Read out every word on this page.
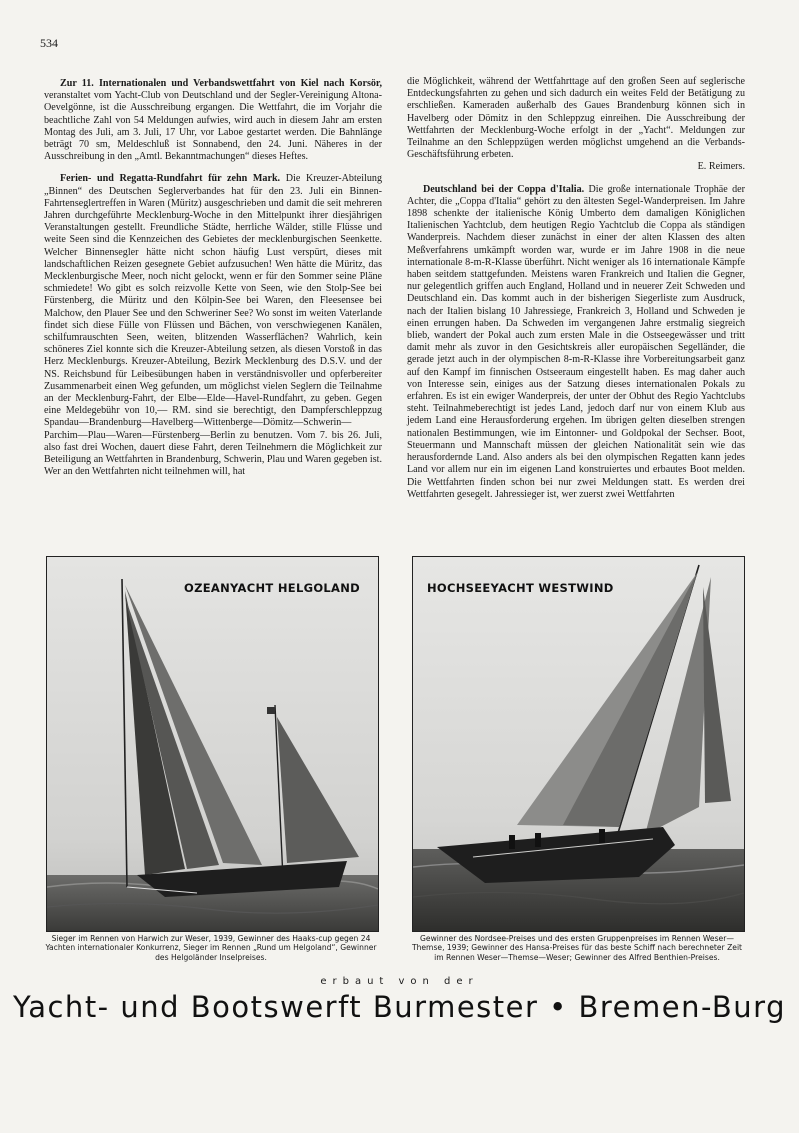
534

Zur 11. Internationalen und Verbandswettfahrt von Kiel nach Korsör, veranstaltet vom Yacht-Club von Deutschland und der Segler-Vereinigung Altona-Oevelgönne, ist die Ausschreibung ergangen. Die Wettfahrt, die im Vorjahr die beachtliche Zahl von 54 Meldungen aufwies, wird auch in diesem Jahr am ersten Montag des Juli, am 3. Juli, 17 Uhr, vor Laboe gestartet werden. Die Bahnlänge beträgt 70 sm, Meldeschluß ist Sonnabend, den 24. Juni. Näheres in der Ausschreibung in den „Amtl. Bekanntmachungen“ dieses Heftes.

Ferien- und Regatta-Rundfahrt für zehn Mark. Die Kreuzer-Abteilung „Binnen“ des Deutschen Seglerverbandes hat für den 23. Juli ein Binnen-Fahrtenseglertreffen in Waren (Müritz) ausgeschrieben und damit die seit mehreren Jahren durchgeführte Mecklenburg-Woche in den Mittelpunkt ihrer diesjährigen Veranstaltungen gestellt. Freundliche Städte, herrliche Wälder, stille Flüsse und weite Seen sind die Kennzeichen des Gebietes der mecklenburgischen Seenkette. Welcher Binnensegler hätte nicht schon häufig Lust verspürt, dieses mit landschaftlichen Reizen gesegnete Gebiet aufzusuchen! Wen hätte die Müritz, das Mecklenburgische Meer, noch nicht gelockt, wenn er für den Sommer seine Pläne schmiedete! Wo gibt es solch reizvolle Kette von Seen, wie den Stolp-See bei Fürstenberg, die Müritz und den Kölpin-See bei Waren, den Fleesensee bei Malchow, den Plauer See und den Schweriner See? Wo sonst im weiten Vaterlande findet sich diese Fülle von Flüssen und Bächen, von verschwiegenen Kanälen, schilfumrauschten Seen, weiten, blitzenden Wasserflächen? Wahrlich, kein schöneres Ziel konnte sich die Kreuzer-Abteilung setzen, als diesen Vorstoß in das Herz Mecklenburgs. Kreuzer-Abteilung, Bezirk Mecklenburg des D.S.V. und der NS. Reichsbund für Leibesübungen haben in verständnisvoller und opferbereiter Zusammenarbeit einen Weg gefunden, um möglichst vielen Seglern die Teilnahme an der Mecklenburg-Fahrt, der Elbe—Elde—Havel-Rundfahrt, zu geben. Gegen eine Meldegebühr von 10,— RM. sind sie berechtigt, den Dampferschleppzug Spandau—Brandenburg—Havelberg—Wittenberge—Dömitz—Schwerin—Parchim—Plau—Waren—Fürstenberg—Berlin zu benutzen. Vom 7. bis 26. Juli, also fast drei Wochen, dauert diese Fahrt, deren Teilnehmern die Möglichkeit zur Beteiligung an Wettfahrten in Brandenburg, Schwerin, Plau und Waren gegeben ist. Wer an den Wettfahrten nicht teilnehmen will, hat

die Möglichkeit, während der Wettfahrttage auf den großen Seen auf seglerische Entdeckungsfahrten zu gehen und sich dadurch ein weites Feld der Betätigung zu erschließen. Kameraden außerhalb des Gaues Brandenburg können sich in Havelberg oder Dömitz in den Schleppzug einreihen. Die Ausschreibung der Wettfahrten der Mecklenburg-Woche erfolgt in der „Yacht“. Meldungen zur Teilnahme an den Schleppzügen werden möglichst umgehend an die Verbands-Geschäftsführung erbeten.
E. Reimers.

Deutschland bei der Coppa d'Italia. Die große internationale Trophäe der Achter, die „Coppa d'Italia“ gehört zu den ältesten Segel-Wanderpreisen. Im Jahre 1898 schenkte der italienische König Umberto dem damaligen Königlichen Italienischen Yachtclub, dem heutigen Regio Yachtclub die Coppa als ständigen Wanderpreis. Nachdem dieser zunächst in einer der alten Klassen des alten Meßverfahrens umkämpft worden war, wurde er im Jahre 1908 in die neue internationale 8-m-R-Klasse überführt. Nicht weniger als 16 internationale Kämpfe haben seitdem stattgefunden. Meistens waren Frankreich und Italien die Gegner, nur gelegentlich griffen auch England, Holland und in neuerer Zeit Schweden und Deutschland ein. Das kommt auch in der bisherigen Siegerliste zum Ausdruck, nach der Italien bislang 10 Jahressiege, Frankreich 3, Holland und Schweden je einen errungen haben. Da Schweden im vergangenen Jahre erstmalig siegreich blieb, wandert der Pokal auch zum ersten Male in die Ostseegewässer und tritt damit mehr als zuvor in den Gesichtskreis aller europäischen Segelländer, die gerade jetzt auch in der olympischen 8-m-R-Klasse ihre Vorbereitungsarbeit ganz auf den Kampf im finnischen Ostseeraum eingestellt haben. Es mag daher auch von Interesse sein, einiges aus der Satzung dieses internationalen Pokals zu erfahren. Es ist ein ewiger Wanderpreis, der unter der Obhut des Regio Yachtclubs steht. Teilnahmeberechtigt ist jedes Land, jedoch darf nur von einem Klub aus jedem Land eine Herausforderung ergehen. Im übrigen gelten dieselben strengen nationalen Bestimmungen, wie im Eintonner- und Goldpokal der Sechser. Boot, Steuermann und Mannschaft müssen der gleichen Nationalität sein wie das herausfordernde Land. Also anders als bei den olympischen Regatten kann jedes Land vor allem nur ein im eigenen Land konstruiertes und erbautes Boot melden. Die Wettfahrten finden schon bei nur zwei Meldungen statt. Es werden drei Wettfahrten gesegelt. Jahressieger ist, wer zuerst zwei Wettfahrten

OZEANYACHT HELGOLAND	HOCHSEEYACHT WESTWIND
Sieger im Rennen von Harwich zur Weser, 1939, Gewinner des Haaks-cup gegen 24 Yachten internationaler Konkurrenz, Sieger im Rennen „Rund um Helgoland“, Gewinner des Helgoländer Inselpreises.
Gewinner des Nordsee-Preises und des ersten Gruppenpreises im Rennen Weser—Themse, 1939; Gewinner des Hansa-Preises für das beste Schiff nach berechneter Zeit im Rennen Weser—Themse—Weser; Gewinner des Alfred Benthien-Preises.
erbaut von der
Yacht- und Bootswerft Burmester • Bremen-Burg
